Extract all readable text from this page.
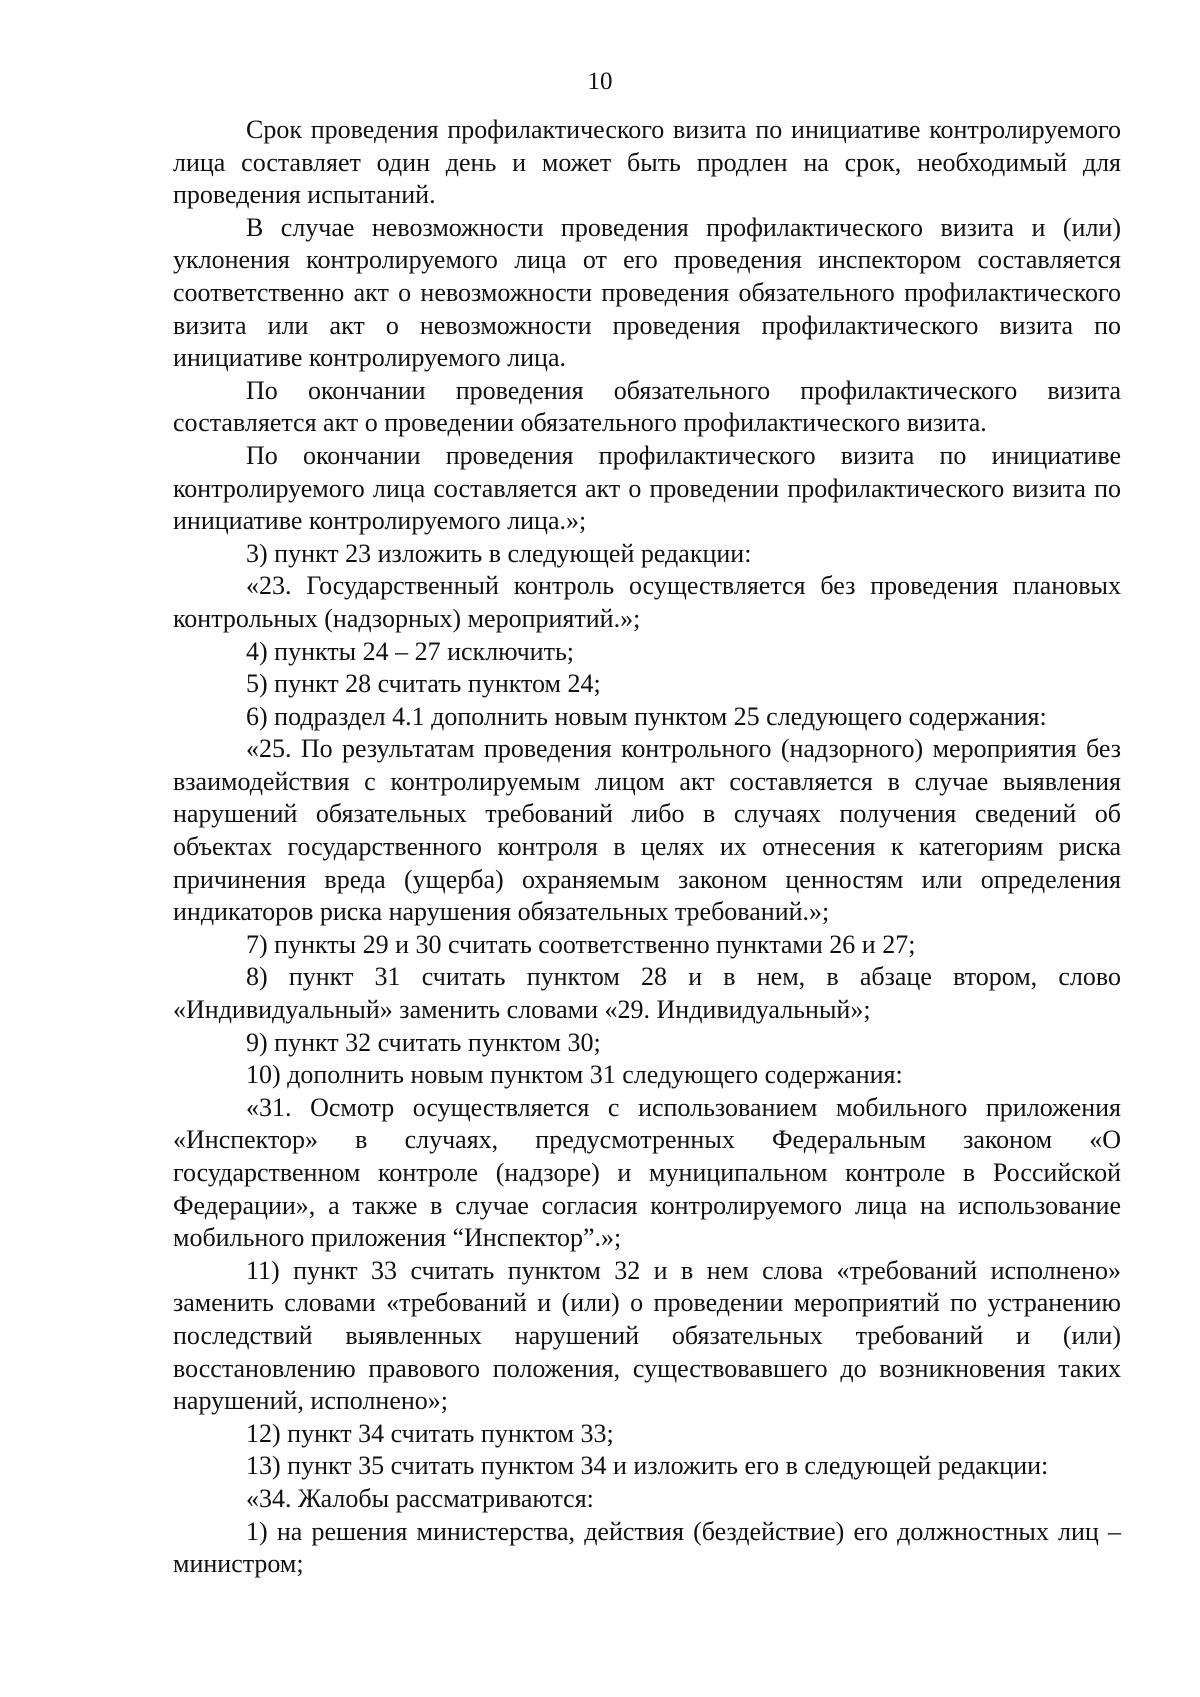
10

Срок проведения профилактического визита по инициативе контролируемого лица составляет один день и может быть продлен на срок, необходимый для проведения испытаний.

В случае невозможности проведения профилактического визита и (или) уклонения контролируемого лица от его проведения инспектором составляется соответственно акт о невозможности проведения обязательного профилактического визита или акт о невозможности проведения профилактического визита по инициативе контролируемого лица.

По окончании проведения обязательного профилактического визита составляется акт о проведении обязательного профилактического визита.

По окончании проведения профилактического визита по инициативе контролируемого лица составляется акт о проведении профилактического визита по инициативе контролируемого лица.»;

3) пункт 23 изложить в следующей редакции:

«23. Государственный контроль осуществляется без проведения плановых контрольных (надзорных) мероприятий.»;

4) пункты 24 – 27 исключить;

5) пункт 28 считать пунктом 24;

6) подраздел 4.1 дополнить новым пунктом 25 следующего содержания:

«25. По результатам проведения контрольного (надзорного) мероприятия без взаимодействия с контролируемым лицом акт составляется в случае выявления нарушений обязательных требований либо в случаях получения сведений об объектах государственного контроля в целях их отнесения к категориям риска причинения вреда (ущерба) охраняемым законом ценностям или определения индикаторов риска нарушения обязательных требований.»;

7) пункты 29 и 30 считать соответственно пунктами 26 и 27;

8) пункт 31 считать пунктом 28 и в нем, в абзаце втором, слово «Индивидуальный» заменить словами «29. Индивидуальный»;

9) пункт 32 считать пунктом 30;

10) дополнить новым пунктом 31 следующего содержания:

«31. Осмотр осуществляется с использованием мобильного приложения «Инспектор» в случаях, предусмотренных Федеральным законом «О государственном контроле (надзоре) и муниципальном контроле в Российской Федерации», а также в случае согласия контролируемого лица на использование мобильного приложения “Инспектор”.»;

11) пункт 33 считать пунктом 32 и в нем слова «требований исполнено» заменить словами «требований и (или) о проведении мероприятий по устранению последствий выявленных нарушений обязательных требований и (или) восстановлению правового положения, существовавшего до возникновения таких нарушений, исполнено»;

12) пункт 34 считать пунктом 33;

13) пункт 35 считать пунктом 34 и изложить его в следующей редакции:

«34. Жалобы рассматриваются:

1) на решения министерства, действия (бездействие) его должностных лиц – министром;
